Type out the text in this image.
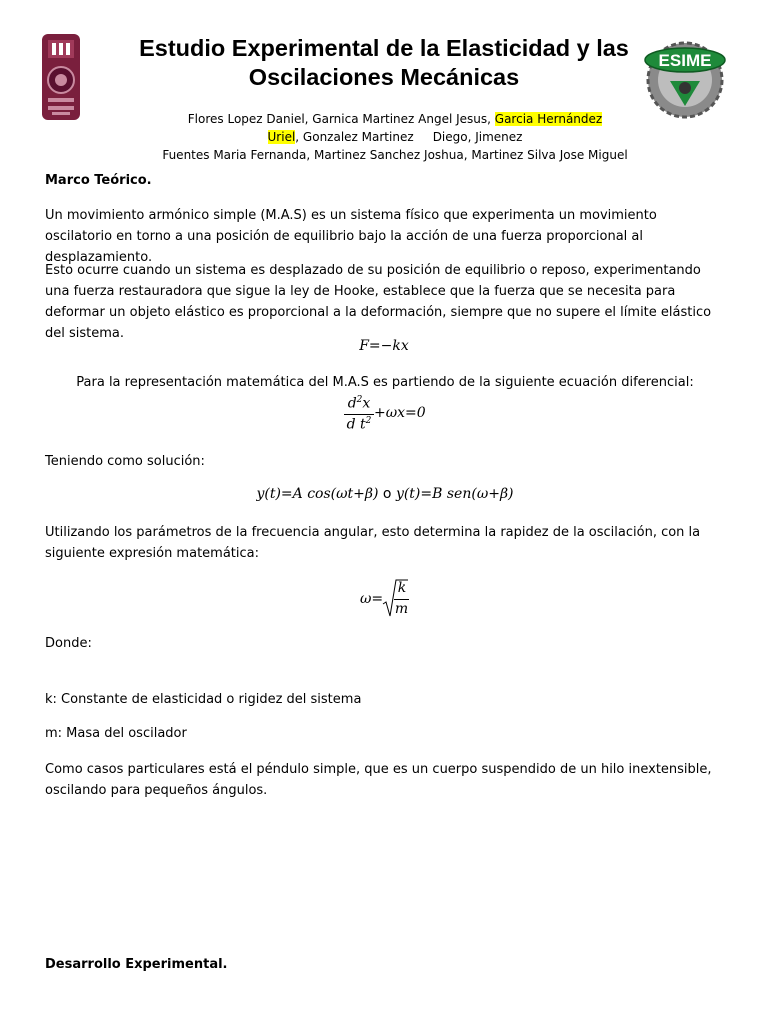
ESIME
Estudio Experimental de la Elasticidad y las
Oscilaciones Mecánicas
Flores Lopez Daniel, Garnica Martinez Angel Jesus, Garcia Hernández Uriel, Gonzalez Martinez     Diego, Jimenez
Fuentes Maria Fernanda, Martinez Sanchez Joshua, Martinez Silva Jose Miguel
Marco Teórico.
Un movimiento armónico simple (M.A.S) es un sistema físico que experimenta un movimiento oscilatorio en torno a una posición de equilibrio bajo la acción de una fuerza proporcional al desplazamiento.
Esto ocurre cuando un sistema es desplazado de su posición de equilibrio o reposo, experimentando una fuerza restauradora que sigue la ley de Hooke, establece que la fuerza que se necesita para deformar un objeto elástico es proporcional a la deformación, siempre que no supere el límite elástico del sistema.
F=−kx
Para la representación matemática del M.A.S es partiendo de la siguiente ecuación diferencial:
$d^2x$
d $t^2 +\omega x=0$
Teniendo como solución:
y(t)=A cos(ωt+β) o y(t)=B sen(ω+β)
Utilizando los parámetros de la frecuencia angular, esto determina la rapidez de la oscilación, con la siguiente expresión matemática:
ω=
k
m
Donde:
k: Constante de elasticidad o rigidez del sistema
m: Masa del oscilador
Como casos particulares está el péndulo simple, que es un cuerpo suspendido de un hilo inextensible, oscilando para pequeños ángulos.
Desarrollo Experimental.
